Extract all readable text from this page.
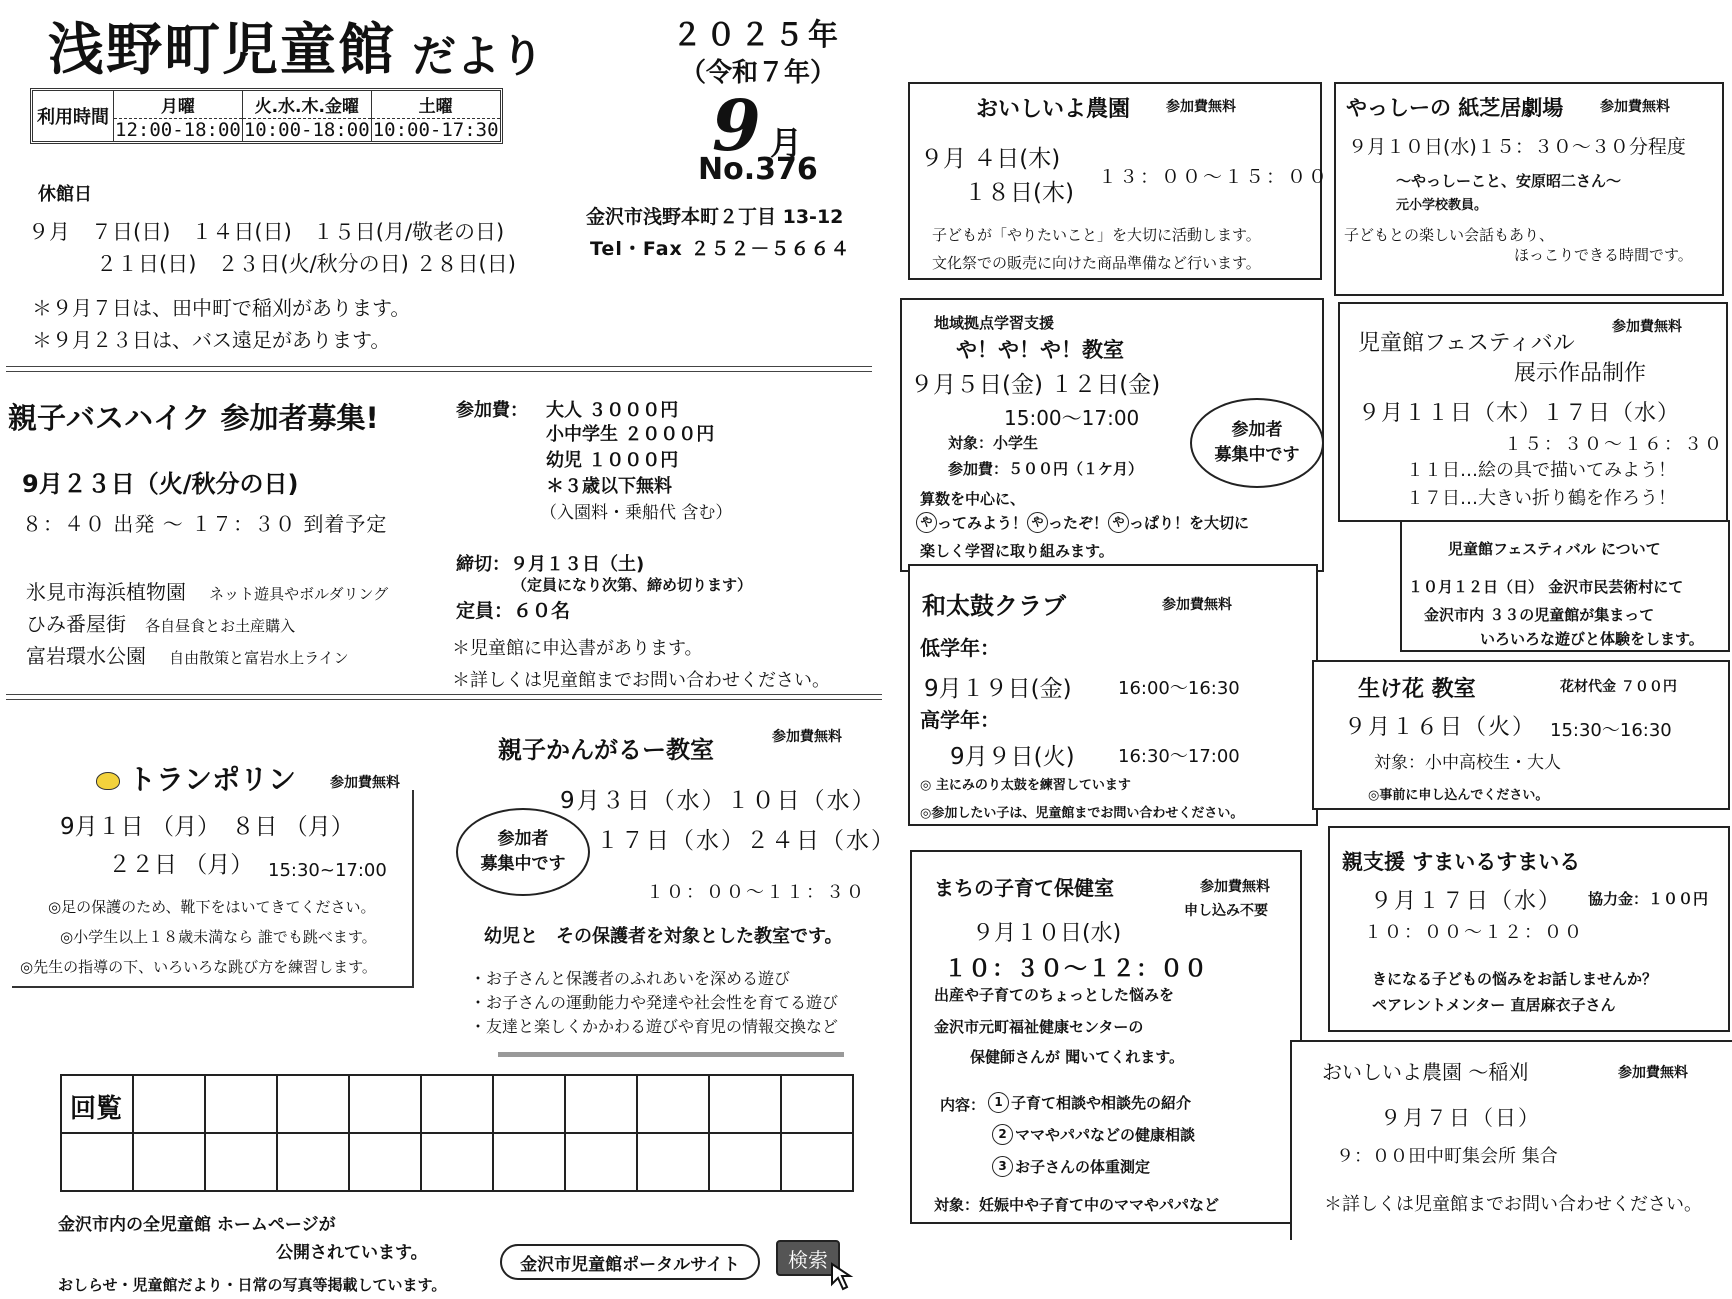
浅野町児童館 だより	２０２５年
（令和７年）
9 月
No.376
金沢市浅野本町２丁目 13-12
Tel・Fax ２５２－５６６４
利用時間	月曜	火.水.木.金曜	土曜
	12:00-18:00	10:00-18:00	10:00-17:30
休館日
９月　７日(日)　１４日(日)　１５日(月/敬老の日)
２１日(日)　２３日(火/秋分の日) ２８日(日)
＊９月７日は、田中町で稲刈があります。
＊９月２３日は、バス遠足があります。
親子バスハイク 参加者募集!
9月２３日（火/秋分の日)
８：４０ 出発 ～ １７：３０ 到着予定
参加費： 大人 ３０００円
小中学生 ２０００円
幼児 １０００円
＊３歳以下無料
（入園料・乗船代 含む）
締切：９月１３日（土)
（定員になり次第、締め切ります）
定員：６０名
氷見市海浜植物園 ネット遊具やボルダリング
ひみ番屋街 各自昼食とお土産購入
富岩環水公園 自由散策と富岩水上ライン	＊児童館に申込書があります。
＊詳しくは児童館までお問い合わせください。
トランポリン 参加費無料
9月１日 （月）　８日 （月）
２２日 （月） 15:30~17:00
◎足の保護のため、靴下をはいてきてください。
◎小学生以上１８歳未満なら 誰でも跳べます。
◎先生の指導の下、いろいろな跳び方を練習します。
親子かんがるー教室	参加費無料
参加者
募集中です
9月３日（水）１０日（水）
１７日（水）２４日（水）
１０：００～１１：３０
幼児と　その保護者を対象とした教室です。
・お子さんと保護者のふれあいを深める遊び
・お子さんの運動能力や発達や社会性を育てる遊び
・友達と楽しくかかわる遊びや育児の情報交換など
回覧										

金沢市内の全児童館 ホームページが
公開されています。
おしらせ・児童館だより・日常の写真等掲載しています。
金沢市児童館ポータルサイト	検索
おいしいよ農園	参加費無料
９月 ４日(木)
１８日(木)
１３：００～１５：００
子どもが「やりたいこと」を大切に活動します。
文化祭での販売に向けた商品準備など行います。
やっしーの 紙芝居劇場	参加費無料
９月１０日(水)１５：３０～３０分程度
～やっしーこと、安原昭二さん～
元小学校教員。
子どもとの楽しい会話もあり、
ほっこりできる時間です。
地域拠点学習支援
や！や！や！教室
９月５日(金) １２日(金)
15:00～17:00
対象：小学生
参加費：５００円（１ケ月）
参加者
募集中です
算数を中心に、
や ってみよう！ や ったぞ！ や っぱり！を大切に
楽しく学習に取り組みます。
児童館フェスティバル
参加費無料
展示作品制作
９月１１日（木）１７日（水）
１５：３０～１６：３０
１１日…絵の具で描いてみよう！
１７日…大きい折り鶴を作ろう！
児童館フェスティバル について
１０月１２日（日） 金沢市民芸術村にて
金沢市内 ３３の児童館が集まって
いろいろな遊びと体験をします。
和太鼓クラブ	参加費無料
低学年：
9月１９日(金)	16:00～16:30
高学年：
9月９日(火) 16:30～17:00
◎ 主にみのり太鼓を練習しています
◎参加したい子は、児童館までお問い合わせください。
生け花 教室	花材代金 ７００円
９月１６日（火） 15:30～16:30
対象：小中高校生・大人
◎事前に申し込んでください。
まちの子育て保健室	参加費無料
申し込み不要
９月１０日(水)
１０：３０～１２：００
出産や子育てのちょっとした悩みを
金沢市元町福祉健康センターの
保健師さんが 聞いてくれます。
内容： 1 子育て相談や相談先の紹介
2 ママやパパなどの健康相談
3 お子さんの体重測定
対象：妊娠中や子育て中のママやパパなど
親支援 すまいるすまいる
９月１７日（水） 協力金：１００円
１０：００～１２：００
きになる子どもの悩みをお話しませんか？
ペアレントメンター 直居麻衣子さん
おいしいよ農園 ～稲刈	参加費無料
９月７日（日）
９：００田中町集会所 集合
＊詳しくは児童館までお問い合わせください。
